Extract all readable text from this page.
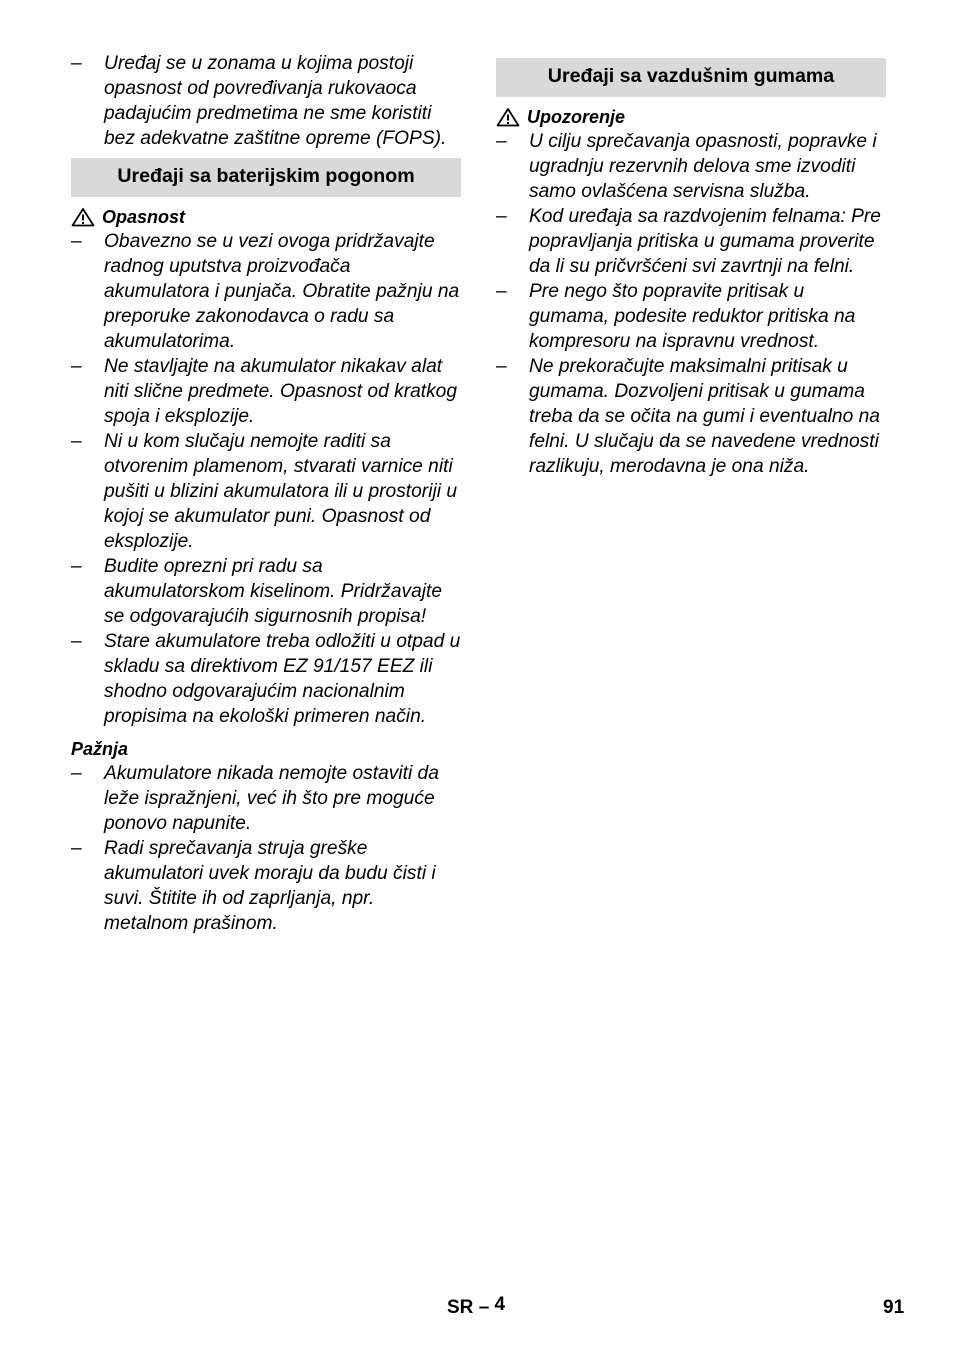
– Uređaj se u zonama u kojima postoji opasnost od povređivanja rukovaoca padajućim predmetima ne sme koristiti bez adekvatne zaštitne opreme (FOPS).
Uređaji sa baterijskim pogonom
Opasnost
– Obavezno se u vezi ovoga pridržavajte radnog uputstva proizvođača akumulatora i punjača. Obratite pažnju na preporuke zakonodavca o radu sa akumulatorima.
– Ne stavljajte na akumulator nikakav alat niti slične predmete. Opasnost od kratkog spoja i eksplozije.
– Ni u kom slučaju nemojte raditi sa otvorenim plamenom, stvarati varnice niti pušiti u blizini akumulatora ili u prostoriji u kojoj se akumulator puni. Opasnost od eksplozije.
– Budite oprezni pri radu sa akumulatorskom kiselinom. Pridržavajte se odgovarajućih sigurnosnih propisa!
– Stare akumulatore treba odložiti u otpad u skladu sa direktivom EZ 91/157 EEZ ili shodno odgovarajućim nacionalnim propisima na ekološki primeren način.
Pažnja
– Akumulatore nikada nemojte ostaviti da leže ispražnjeni, već ih što pre moguće ponovo napunite.
– Radi sprečavanja struja greške akumulatori uvek moraju da budu čisti i suvi. Štitite ih od zaprljanja, npr. metalnom prašinom.
Uređaji sa vazdušnim gumama
Upozorenje
– U cilju sprečavanja opasnosti, popravke i ugradnju rezervnih delova sme izvoditi samo ovlašćena servisna služba.
– Kod uređaja sa razdvojenim felnama: Pre popravljanja pritiska u gumama proverite da li su pričvršćeni svi zavrtnji na felni.
– Pre nego što popravite pritisak u gumama, podesite reduktor pritiska na kompresoru na ispravnu vrednost.
– Ne prekoračujte maksimalni pritisak u gumama. Dozvoljeni pritisak u gumama treba da se očita na gumi i eventualno na felni. U slučaju da se navedene vrednosti razlikuju, merodavna je ona niža.
SR – 4	91
